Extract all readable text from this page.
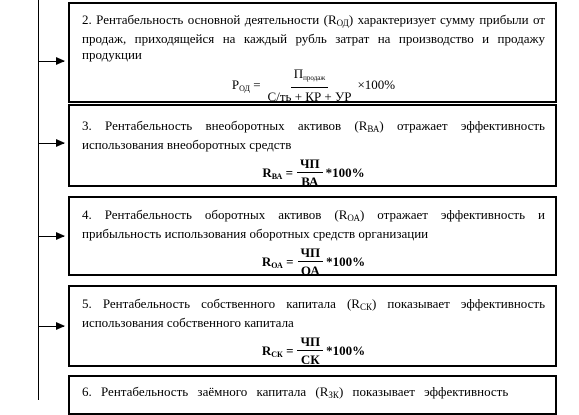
2. Рентабельность основной деятельности $(R_{ОД})$ характеризует сумму прибыли от продаж, приходящейся на каждый рубль затрат на производство и продажу продукции

$Р_{ОД} = \frac{П_{продаж}}{С/ть + КР + УР} \times 100\%$

3. Рентабельность внеоборотных активов $(R_{ВА})$ отражает эффективность использования внеоборотных средств

$R_{ВА} = \frac{ЧП}{ВА} *100\%$

4. Рентабельность оборотных активов $(R_{ОА})$ отражает эффективность и прибыльность использования оборотных средств организации

$R_{ОА} = \frac{ЧП}{ОА} *100\%$

5. Рентабельность собственного капитала $(R_{СК})$ показывает эффективность использования собственного капитала

$R_{СК} = \frac{ЧП}{СК} *100\%$

6. Рентабельность заёмного капитала $(R_{ЗК})$ показывает эффективность
